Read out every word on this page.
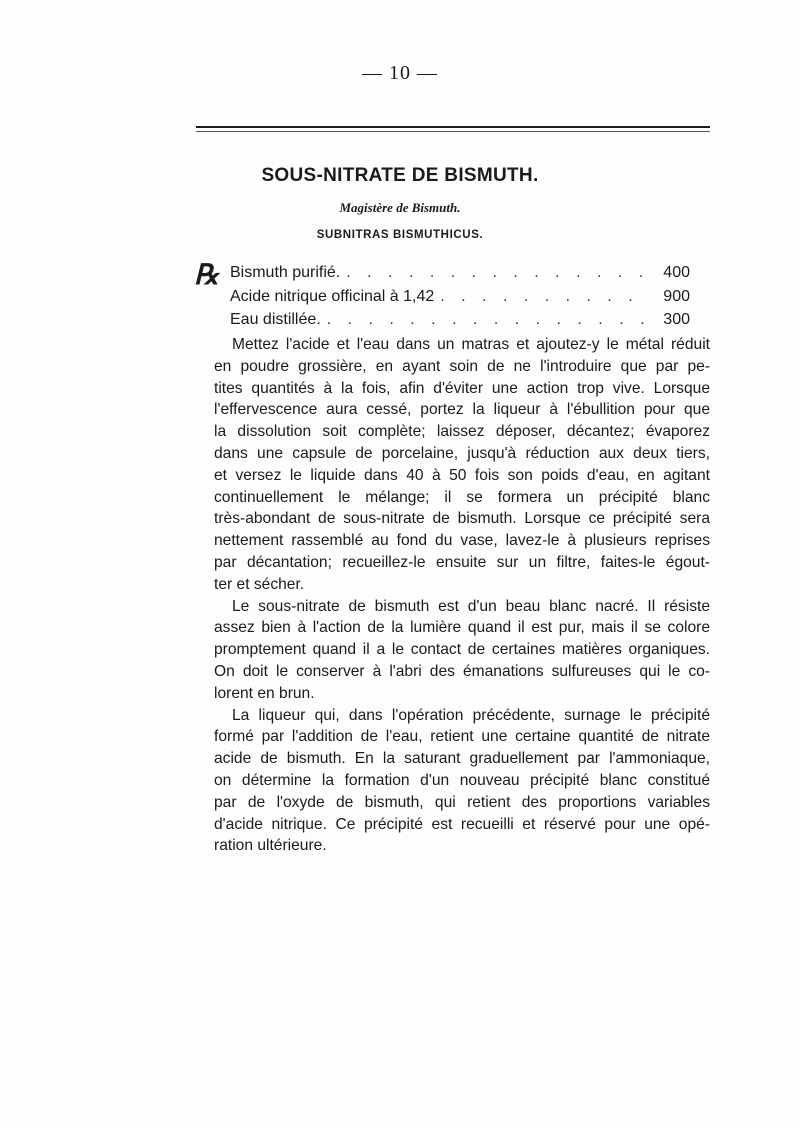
— 10 —
SOUS-NITRATE DE BISMUTH.
Magistère de Bismuth.
SUBNITRAS BISMUTHICUS.
℞ Bismuth purifié. . . .	400
Acide nitrique officinal à 1,42 . . .	900
Eau distillée. . . .	300

Mettez l'acide et l'eau dans un matras et ajoutez-y le métal réduit
en poudre grossière, en ayant soin de ne l'introduire que par pe-
tites quantités à la fois, afin d'éviter une action trop vive. Lorsque
l'effervescence aura cessé, portez la liqueur à l'ébullition pour que
la dissolution soit complète; laissez déposer, décantez; évaporez
dans une capsule de porcelaine, jusqu'à réduction aux deux tiers,
et versez le liquide dans 40 à 50 fois son poids d'eau, en agitant
continuellement le mélange; il se formera un précipité blanc
très-abondant de sous-nitrate de bismuth. Lorsque ce précipité sera
nettement rassemblé au fond du vase, lavez-le à plusieurs reprises
par décantation; recueillez-le ensuite sur un filtre, faites-le égout-
ter et sécher.

Le sous-nitrate de bismuth est d'un beau blanc nacré. Il résiste
assez bien à l'action de la lumière quand il est pur, mais il se colore
promptement quand il a le contact de certaines matières organiques.
On doit le conserver à l'abri des émanations sulfureuses qui le co-
lorent en brun.

La liqueur qui, dans l'opération précédente, surnage le précipité
formé par l'addition de l'eau, retient une certaine quantité de nitrate
acide de bismuth. En la saturant graduellement par l'ammoniaque,
on détermine la formation d'un nouveau précipité blanc constitué
par de l'oxyde de bismuth, qui retient des proportions variables
d'acide nitrique. Ce précipité est recueilli et réservé pour une opé-
ration ultérieure.
